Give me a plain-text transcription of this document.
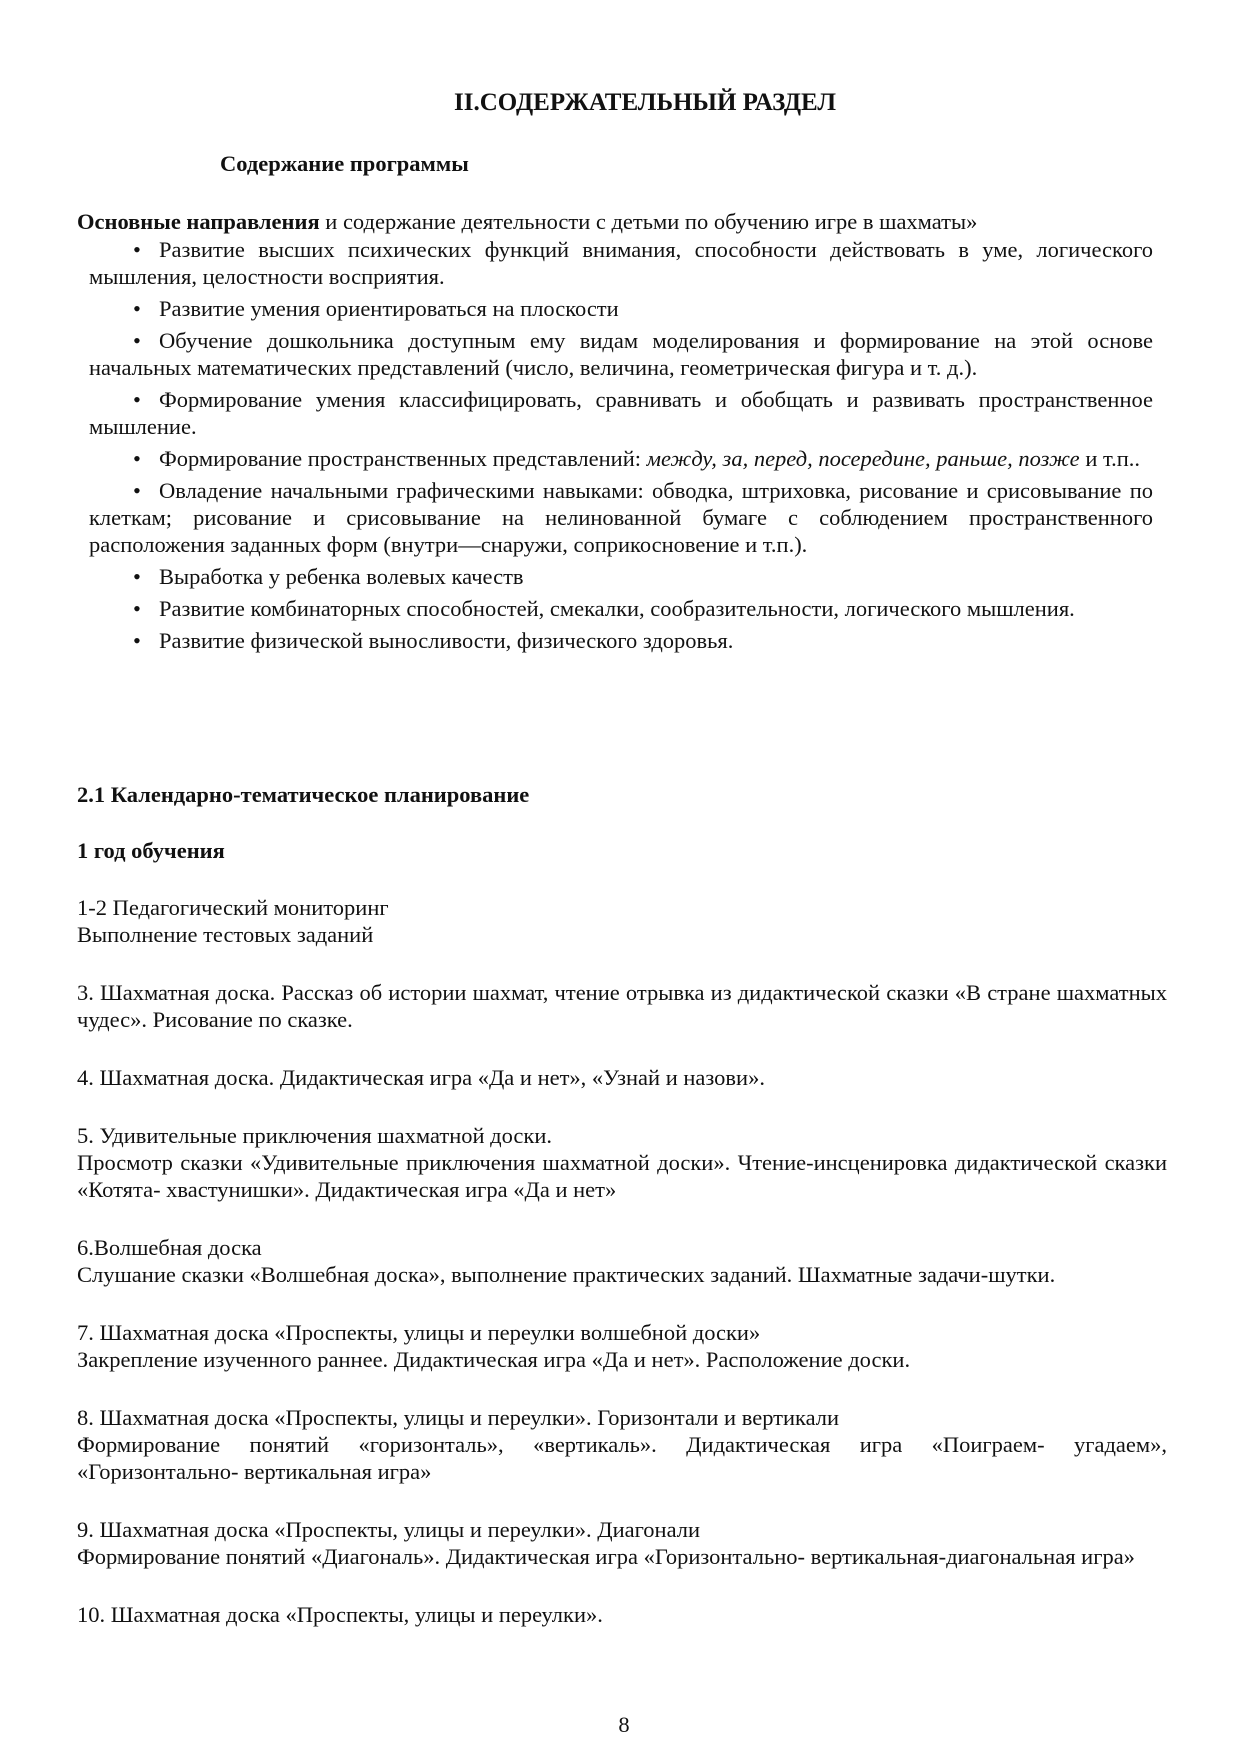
II.СОДЕРЖАТЕЛЬНЫЙ РАЗДЕЛ
Содержание программы
Основные направления и содержание деятельности с детьми по обучению игре в шахматы»
• Развитие высших психических функций внимания, способности действовать в уме, логического мышления, целостности восприятия.
• Развитие умения ориентироваться на плоскости
• Обучение дошкольника доступным ему видам моделирования и формирование на этой основе начальных математических представлений (число, величина, геометрическая фигура и т. д.).
• Формирование умения классифицировать, сравнивать и обобщать и развивать пространственное мышление.
• Формирование пространственных представлений: между, за, перед, посередине, раньше, позже и т.п..
• Овладение начальными графическими навыками: обводка, штриховка, рисование и срисовывание по клеткам; рисование и срисовывание на нелинованной бумаге с соблюдением пространственного расположения заданных форм (внутри—снаружи, соприкосновение и т.п.).
• Выработка у ребенка волевых качеств
• Развитие комбинаторных способностей, смекалки, сообразительности, логического мышления.
• Развитие физической выносливости, физического здоровья.
2.1 Календарно-тематическое планирование
1 год обучения
1-2 Педагогический мониторинг
Выполнение тестовых заданий
3. Шахматная доска. Рассказ об истории шахмат, чтение отрывка из дидактической сказки «В стране шахматных чудес». Рисование по сказке.
4. Шахматная доска. Дидактическая игра «Да и нет», «Узнай и назови».
5. Удивительные приключения шахматной доски.
Просмотр сказки «Удивительные приключения шахматной доски». Чтение-инсценировка дидактической сказки «Котята- хвастунишки». Дидактическая игра «Да и нет»
6.Волшебная доска
Слушание сказки «Волшебная доска», выполнение практических заданий. Шахматные задачи-шутки.
7. Шахматная доска «Проспекты, улицы и переулки волшебной доски»
Закрепление изученного раннее. Дидактическая игра «Да и нет». Расположение доски.
8. Шахматная доска «Проспекты, улицы и переулки». Горизонтали и вертикали
Формирование понятий «горизонталь», «вертикаль». Дидактическая игра «Поиграем- угадаем», «Горизонтально- вертикальная игра»
9. Шахматная доска «Проспекты, улицы и переулки». Диагонали
Формирование понятий «Диагональ». Дидактическая игра «Горизонтально- вертикальная-диагональная игра»
10. Шахматная доска «Проспекты, улицы и переулки».
8
